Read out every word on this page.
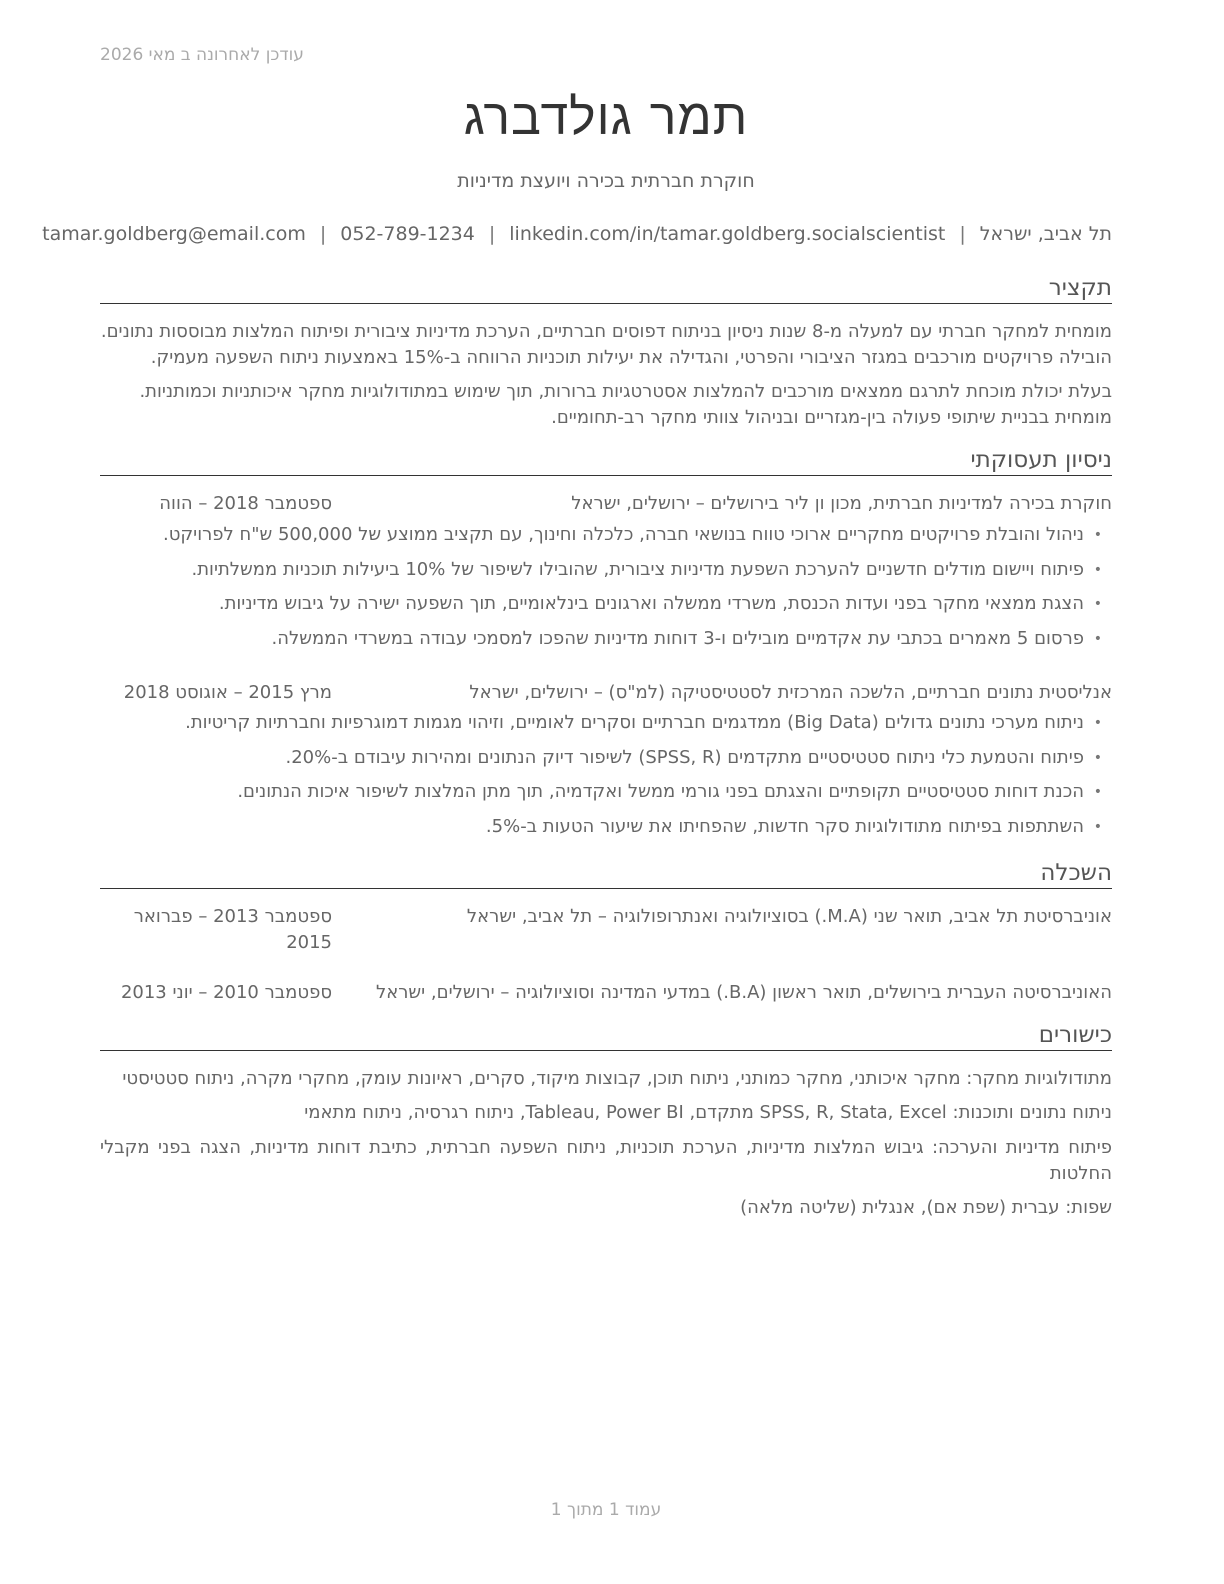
עודכן לאחרונה ב מאי 2026
תמר גולדברג
חוקרת חברתית בכירה ויועצת מדיניות
תל אביב, ישראל|tamar.goldberg@email.com | 052-789-1234 | linkedin.com/in/tamar.goldberg.socialscientist
תקציר
מומחית למחקר חברתי עם למעלה מ-8 שנות ניסיון בניתוח דפוסים חברתיים, הערכת מדיניות ציבורית ופיתוח המלצות מבוססות נתונים. הובילה פרויקטים מורכבים במגזר הציבורי והפרטי, והגדילה את יעילות תוכניות הרווחה ב-15% באמצעות ניתוח השפעה מעמיק.
בעלת יכולת מוכחת לתרגם ממצאים מורכבים להמלצות אסטרטגיות ברורות, תוך שימוש במתודולוגיות מחקר איכותניות וכמותניות. מומחית בבניית שיתופי פעולה בין-מגזריים ובניהול צוותי מחקר רב-תחומיים.
ניסיון תעסוקתי
חוקרת בכירה למדיניות חברתית, מכון ון ליר בירושלים – ירושלים, ישראל
ספטמבר 2018 – הווה
• ניהול והובלת פרויקטים מחקריים ארוכי טווח בנושאי חברה, כלכלה וחינוך, עם תקציב ממוצע של 500,000 ש"ח לפרויקט.
• פיתוח ויישום מודלים חדשניים להערכת השפעת מדיניות ציבורית, שהובילו לשיפור של 10% ביעילות תוכניות ממשלתיות.
• הצגת ממצאי מחקר בפני ועדות הכנסת, משרדי ממשלה וארגונים בינלאומיים, תוך השפעה ישירה על גיבוש מדיניות.
• פרסום 5 מאמרים בכתבי עת אקדמיים מובילים ו-3 דוחות מדיניות שהפכו למסמכי עבודה במשרדי הממשלה.
אנליסטית נתונים חברתיים, הלשכה המרכזית לסטטיסטיקה (למ"ס) – ירושלים, ישראל
מרץ 2015 – אוגוסט 2018
• ניתוח מערכי נתונים גדולים (Big Data) ממדגמים חברתיים וסקרים לאומיים, וזיהוי מגמות דמוגרפיות וחברתיות קריטיות.
• פיתוח והטמעת כלי ניתוח סטטיסטיים מתקדמים (SPSS, R) לשיפור דיוק הנתונים ומהירות עיבודם ב-20%.
• הכנת דוחות סטטיסטיים תקופתיים והצגתם בפני גורמי ממשל ואקדמיה, תוך מתן המלצות לשיפור איכות הנתונים.
• השתתפות בפיתוח מתודולוגיות סקר חדשות, שהפחיתו את שיעור הטעות ב-5%.
השכלה
אוניברסיטת תל אביב, תואר שני (M.A.) בסוציולוגיה ואנתרופולוגיה – תל אביב, ישראל
ספטמבר 2013 – פברואר 2015
האוניברסיטה העברית בירושלים, תואר ראשון (B.A.) במדעי המדינה וסוציולוגיה – ירושלים, ישראל
ספטמבר 2010 – יוני 2013
כישורים
מתודולוגיות מחקר: מחקר איכותני, מחקר כמותני, ניתוח תוכן, קבוצות מיקוד, סקרים, ראיונות עומק, מחקרי מקרה, ניתוח סטטיסטי
ניתוח נתונים ותוכנות: SPSS, R, Stata, Excel מתקדם, Tableau, Power BI, ניתוח רגרסיה, ניתוח מתאמי
פיתוח מדיניות והערכה: גיבוש המלצות מדיניות, הערכת תוכניות, ניתוח השפעה חברתית, כתיבת דוחות מדיניות, הצגה בפני מקבלי החלטות
שפות: עברית (שפת אם), אנגלית (שליטה מלאה)
עמוד 1 מתוך 1
